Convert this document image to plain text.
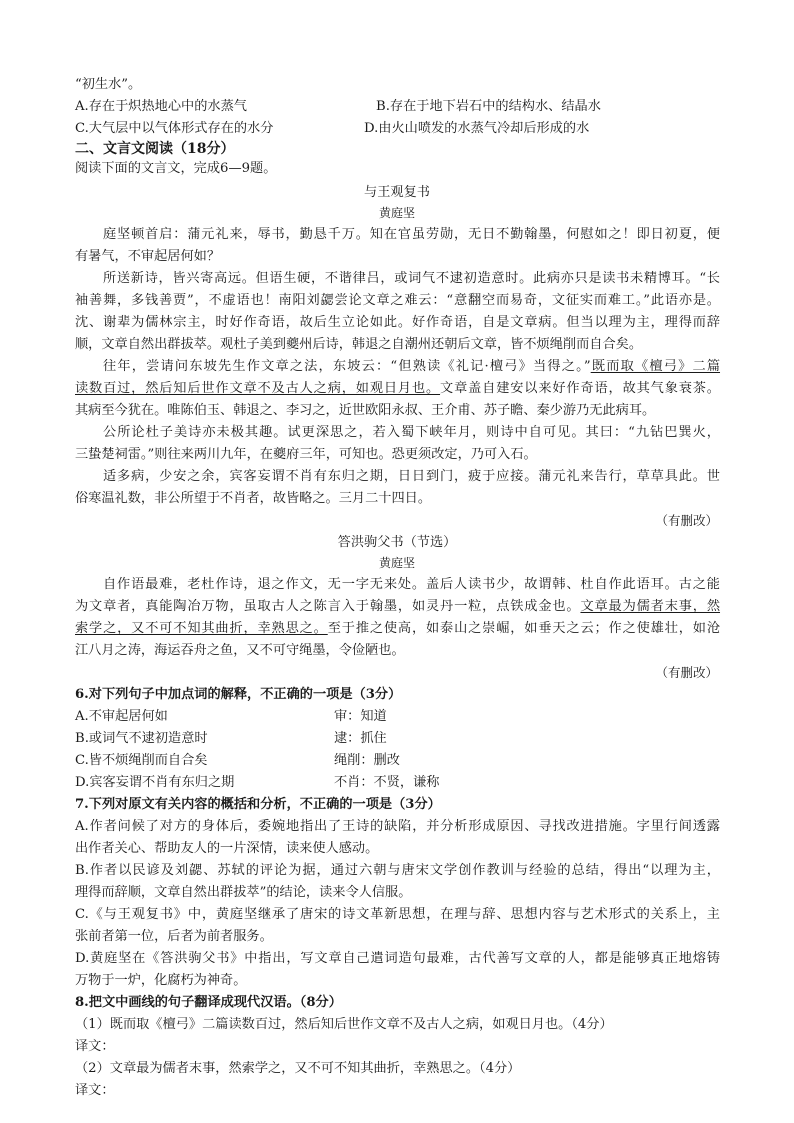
“初生水”。
A.存在于炽热地心中的水蒸气	B.存在于地下岩石中的结构水、结晶水
C.大气层中以气体形式存在的水分	D.由火山喷发的水蒸气冷却后形成的水
二、文言文阅读（18分）
阅读下面的文言文，完成6—9题。
与王观复书
黄庭坚
庭坚顿首启：蒲元礼来，辱书，勤恳千万。知在官虽劳勋，无日不勤翰墨，何慰如之！即日初夏，便
有暑气，不审起居何如？
所送新诗，皆兴寄高远。但语生硬，不谐律吕，或词气不逮初造意时。此病亦只是读书未精博耳。“长
袖善舞，多钱善贾”，不虚语也！南阳刘勰尝论文章之难云：“意翻空而易奇，文征实而难工。”此语亦是。
沈、谢辈为儒林宗主，时好作奇语，故后生立论如此。好作奇语，自是文章病。但当以理为主，理得而辞
顺，文章自然出群拔萃。观杜子美到夔州后诗，韩退之自潮州还朝后文章，皆不烦绳削而自合矣。
往年，尝请问东坡先生作文章之法，东坡云：“但熟读《礼记·檀弓》当得之。”既而取《檀弓》二篇
读数百过，然后知后世作文章不及古人之病，如观日月也。文章盖自建安以来好作奇语，故其气象衰茶。
其病至今犹在。唯陈伯玉、韩退之、李习之，近世欧阳永叔、王介甫、苏子瞻、秦少游乃无此病耳。
公所论杜子美诗亦未极其趣。试更深思之，若入蜀下峡年月，则诗中自可见。其曰：“九钻巴巽火，
三蛰楚祠雷。”则往来两川九年，在夔府三年，可知也。恐更须改定，乃可入石。
适多病，少安之余，宾客妄谓不肖有东归之期，日日到门，疲于应接。蒲元礼来告行，草草具此。世
俗寒温礼数，非公所望于不肖者，故皆略之。三月二十四日。
（有删改）
答洪驹父书（节选）
黄庭坚
自作语最难，老杜作诗，退之作文，无一字无来处。盖后人读书少，故谓韩、杜自作此语耳。古之能
为文章者，真能陶冶万物，虽取古人之陈言入于翰墨，如灵丹一粒，点铁成金也。文章最为儒者末事，然
索学之，又不可不知其曲折，幸熟思之。至于推之使高，如泰山之崇崛，如垂天之云；作之使雄壮，如沧
江八月之涛，海运吞舟之鱼，又不可守绳墨，令俭陋也。
（有删改）
6.对下列句子中加点词的解释，不正确的一项是（3分）
A.不审起居何如	审：知道
B.或词气不逮初造意时	逮：抓住
C.皆不烦绳削而自合矣	绳削：删改
D.宾客妄谓不肖有东归之期	不肖：不贤，谦称
7.下列对原文有关内容的概括和分析，不正确的一项是（3分）
A.作者问候了对方的身体后，委婉地指出了王诗的缺陷，并分析形成原因、寻找改进措施。字里行间透露
出作者关心、帮助友人的一片深情，读来使人感动。
B.作者以民谚及刘勰、苏轼的评论为据，通过六朝与唐宋文学创作教训与经验的总结，得出“以理为主，
理得而辞顺，文章自然出群拔萃”的结论，读来令人信服。
C.《与王观复书》中，黄庭坚继承了唐宋的诗文革新思想，在理与辞、思想内容与艺术形式的关系上，主
张前者第一位，后者为前者服务。
D.黄庭坚在《答洪驹父书》中指出，写文章自己遣词造句最难，古代善写文章的人，都是能够真正地熔铸
万物于一炉，化腐朽为神奇。
8.把文中画线的句子翻译成现代汉语。（8分）
（1）既而取《檀弓》二篇读数百过，然后知后世作文章不及古人之病，如观日月也。（4分）
译文：
（2）文章最为儒者末事，然索学之，又不可不知其曲折，幸熟思之。（4分）
译文：
